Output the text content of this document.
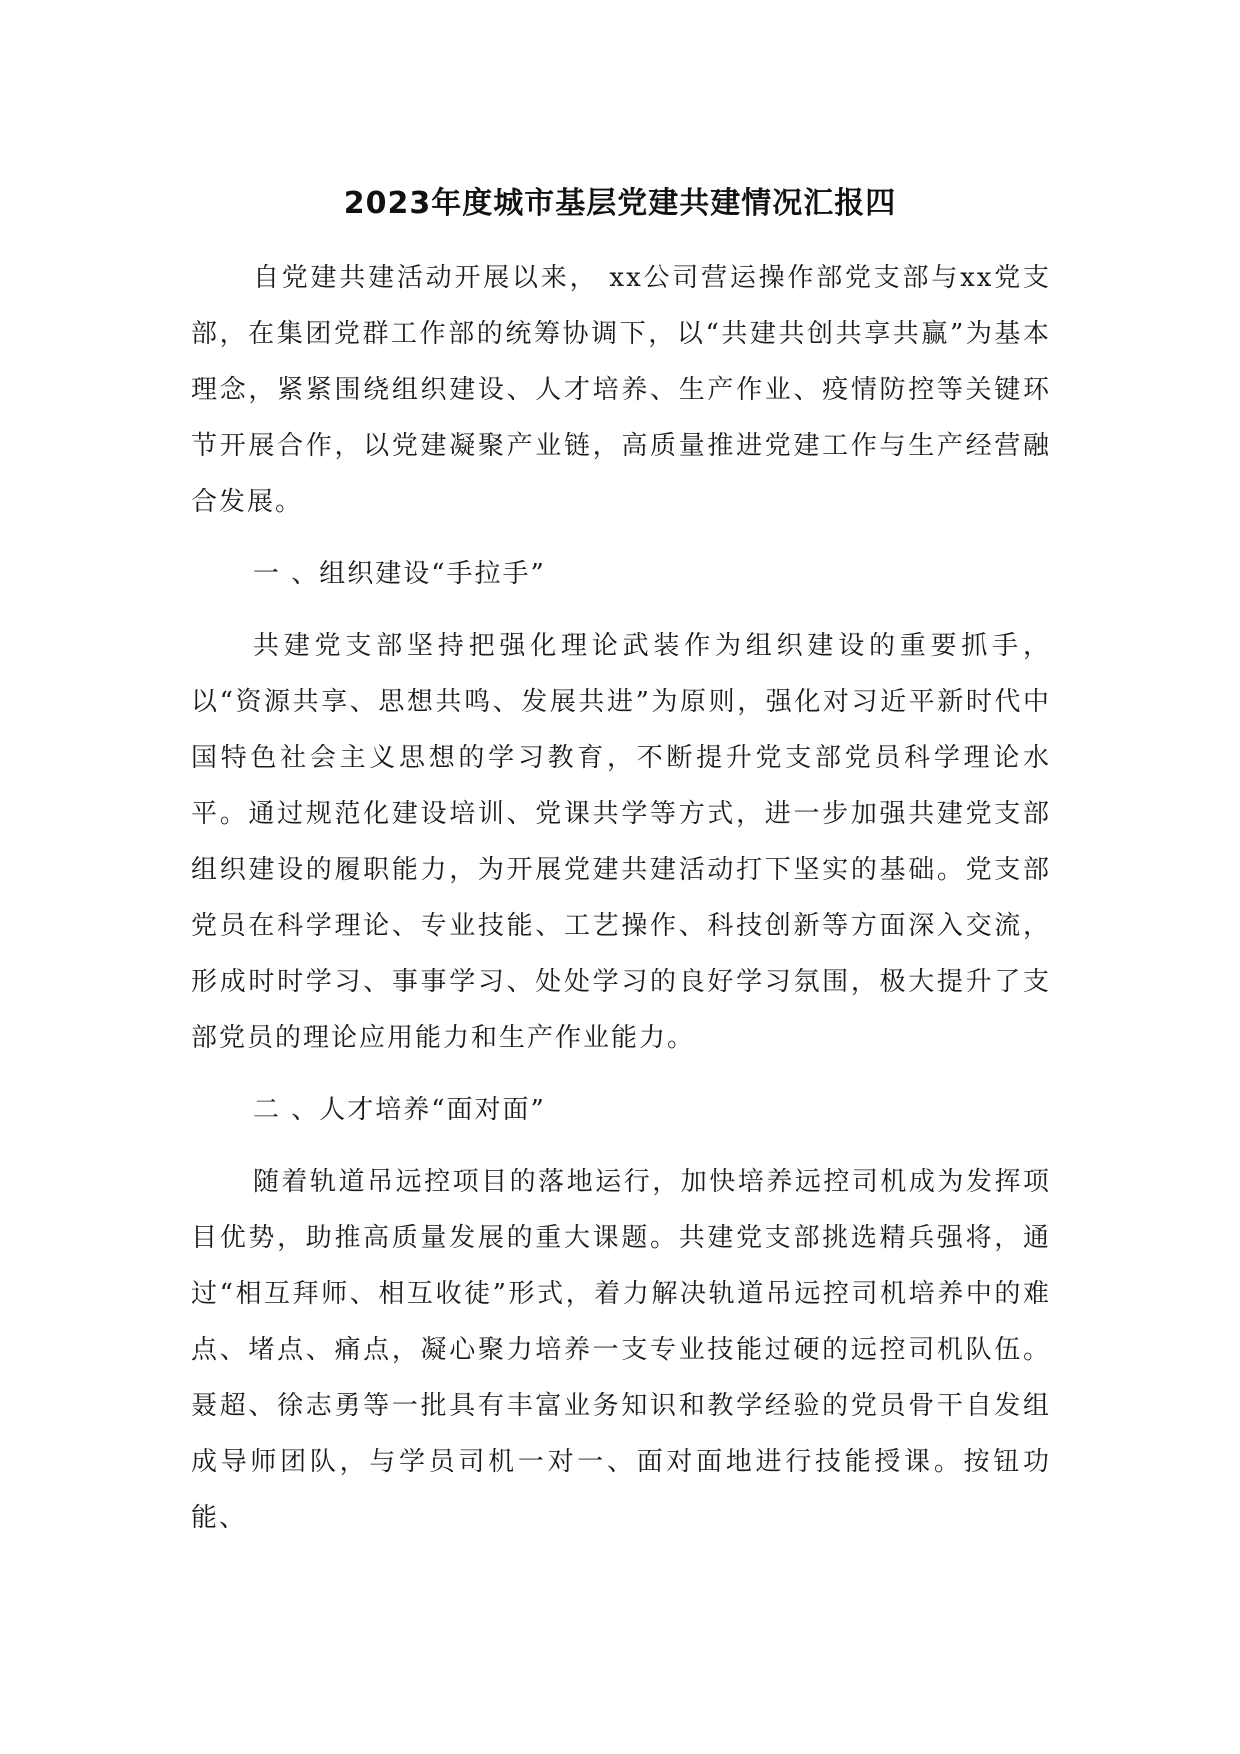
2023年度城市基层党建共建情况汇报四

自党建共建活动开展以来， xx公司营运操作部党支部与xx党支部，在集团党群工作部的统筹协调下，以“共建共创共享共赢”为基本理念，紧紧围绕组织建设、人才培养、生产作业、疫情防控等关键环节开展合作，以党建凝聚产业链，高质量推进党建工作与生产经营融合发展。

一 、组织建设“手拉手”

共建党支部坚持把强化理论武装作为组织建设的重要抓手，以“资源共享、思想共鸣、发展共进”为原则，强化对习近平新时代中国特色社会主义思想的学习教育，不断提升党支部党员科学理论水平。通过规范化建设培训、党课共学等方式，进一步加强共建党支部组织建设的履职能力，为开展党建共建活动打下坚实的基础。党支部党员在科学理论、专业技能、工艺操作、科技创新等方面深入交流，形成时时学习、事事学习、处处学习的良好学习氛围，极大提升了支部党员的理论应用能力和生产作业能力。

二 、人才培养“面对面”

随着轨道吊远控项目的落地运行，加快培养远控司机成为发挥项目优势，助推高质量发展的重大课题。共建党支部挑选精兵强将，通过“相互拜师、相互收徒”形式，着力解决轨道吊远控司机培养中的难点、堵点、痛点，凝心聚力培养一支专业技能过硬的远控司机队伍。聂超、徐志勇等一批具有丰富业务知识和教学经验的党员骨干自发组成导师团队，与学员司机一对一、面对面地进行技能授课。按钮功能、
